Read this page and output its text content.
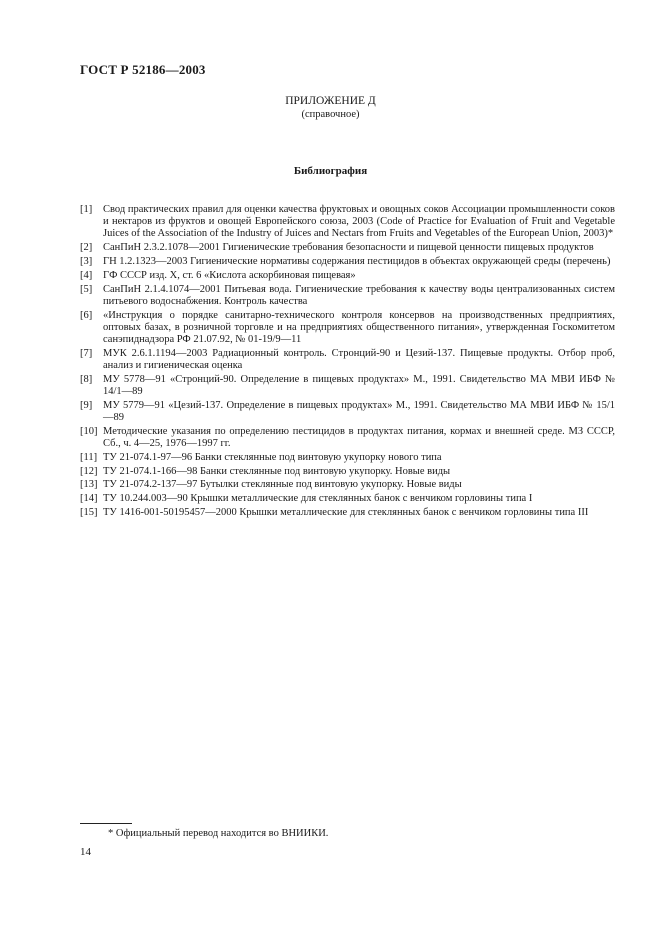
ГОСТ Р 52186—2003
ПРИЛОЖЕНИЕ Д
(справочное)
Библиография
[1] Свод практических правил для оценки качества фруктовых и овощных соков Ассоциации промышленности соков и нектаров из фруктов и овощей Европейского союза, 2003 (Code of Practice for Evaluation of Fruit and Vegetable Juices of the Association of the Industry of Juices and Nectars from Fruits and Vegetables of the European Union, 2003)*
[2] СанПиН 2.3.2.1078—2001 Гигиенические требования безопасности и пищевой ценности пищевых продуктов
[3] ГН 1.2.1323—2003 Гигиенические нормативы содержания пестицидов в объектах окружающей среды (перечень)
[4] ГФ СССР изд. X, ст. 6 «Кислота аскорбиновая пищевая»
[5] СанПиН 2.1.4.1074—2001 Питьевая вода. Гигиенические требования к качеству воды централизованных систем питьевого водоснабжения. Контроль качества
[6] «Инструкция о порядке санитарно-технического контроля консервов на производственных предприятиях, оптовых базах, в розничной торговле и на предприятиях общественного питания», утвержденная Госкомитетом санэпиднадзора РФ 21.07.92, № 01-19/9—11
[7] МУК 2.6.1.1194—2003 Радиационный контроль. Стронций-90 и Цезий-137. Пищевые продукты. Отбор проб, анализ и гигиеническая оценка
[8] МУ 5778—91 «Стронций-90. Определение в пищевых продуктах» М., 1991. Свидетельство МА МВИ ИБФ № 14/1—89
[9] МУ 5779—91 «Цезий-137. Определение в пищевых продуктах» М., 1991. Свидетельство МА МВИ ИБФ № 15/1—89
[10] Методические указания по определению пестицидов в продуктах питания, кормах и внешней среде. МЗ СССР, Сб., ч. 4—25, 1976—1997 гг.
[11] ТУ 21-074.1-97—96 Банки стеклянные под винтовую укупорку нового типа
[12] ТУ 21-074.1-166—98 Банки стеклянные под винтовую укупорку. Новые виды
[13] ТУ 21-074.2-137—97 Бутылки стеклянные под винтовую укупорку. Новые виды
[14] ТУ 10.244.003—90 Крышки металлические для стеклянных банок с венчиком горловины типа I
[15] ТУ 1416-001-50195457—2000 Крышки металлические для стеклянных банок с венчиком горловины типа III
* Официальный перевод находится во ВНИИКИ.
14
